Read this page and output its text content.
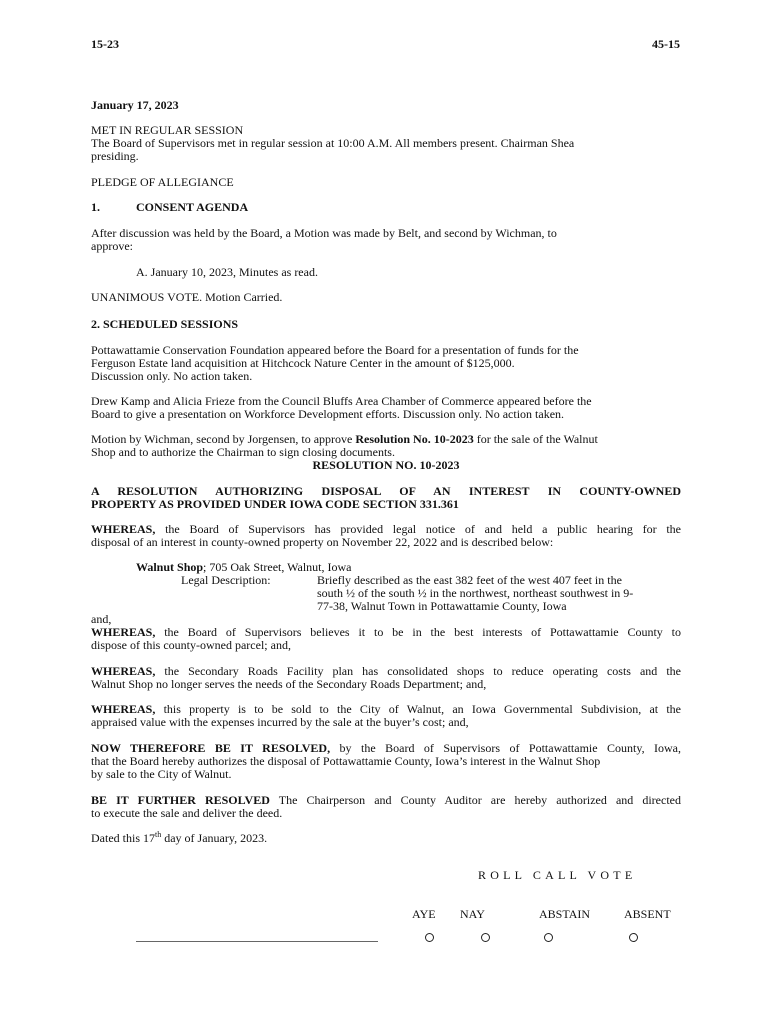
15-23	45-15
January 17, 2023

MET IN REGULAR SESSION

The Board of Supervisors met in regular session at 10:00 A.M. All members present. Chairman Shea

presiding.

PLEDGE OF ALLEGIANCE
1.	CONSENT AGENDA

After discussion was held by the Board, a Motion was made by Belt, and second by Wichman, to

approve:

A. January 10, 2023, Minutes as read.
UNANIMOUS VOTE. Motion Carried.
2. SCHEDULED SESSIONS

Pottawattamie Conservation Foundation appeared before the Board for a presentation of funds for the

Ferguson Estate land acquisition at Hitchcock Nature Center in the amount of $125,000.

Discussion only. No action taken.

Drew Kamp and Alicia Frieze from the Council Bluffs Area Chamber of Commerce appeared before the

Board to give a presentation on Workforce Development efforts. Discussion only. No action taken.

Motion by Wichman, second by Jorgensen, to approve Resolution No. 10-2023 for the sale of the Walnut

Shop and to authorize the Chairman to sign closing documents.

RESOLUTION NO. 10-2023

A RESOLUTION AUTHORIZING DISPOSAL OF AN INTEREST IN COUNTY-OWNED

PROPERTY AS PROVIDED UNDER IOWA CODE SECTION 331.361

WHEREAS, the Board of Supervisors has provided legal notice of and held a public hearing for the

disposal of an interest in county-owned property on November 22, 2022 and is described below:

Walnut Shop; 705 Oak Street, Walnut, Iowa
Legal Description:	Briefly described as the east 382 feet of the west 407 feet in the

south ½ of the south ½ in the northwest, northeast southwest in 9-

77-38, Walnut Town in Pottawattamie County, Iowa

and,

WHEREAS, the Board of Supervisors believes it to be in the best interests of Pottawattamie County to

dispose of this county-owned parcel; and,

WHEREAS, the Secondary Roads Facility plan has consolidated shops to reduce operating costs and the

Walnut Shop no longer serves the needs of the Secondary Roads Department; and,

WHEREAS, this property is to be sold to the City of Walnut, an Iowa Governmental Subdivision, at the

appraised value with the expenses incurred by the sale at the buyer’s cost; and,

NOW THEREFORE BE IT RESOLVED, by the Board of Supervisors of Pottawattamie County, Iowa,

that the Board hereby authorizes the disposal of Pottawattamie County, Iowa’s interest in the Walnut Shop

by sale to the City of Walnut.

BE IT FURTHER RESOLVED The Chairperson and County Auditor are hereby authorized and directed

to execute the sale and deliver the deed.

Dated this 17th day of January, 2023.
ROLL CALL VOTE
AYE NAY	ABSTAIN	ABSENT
